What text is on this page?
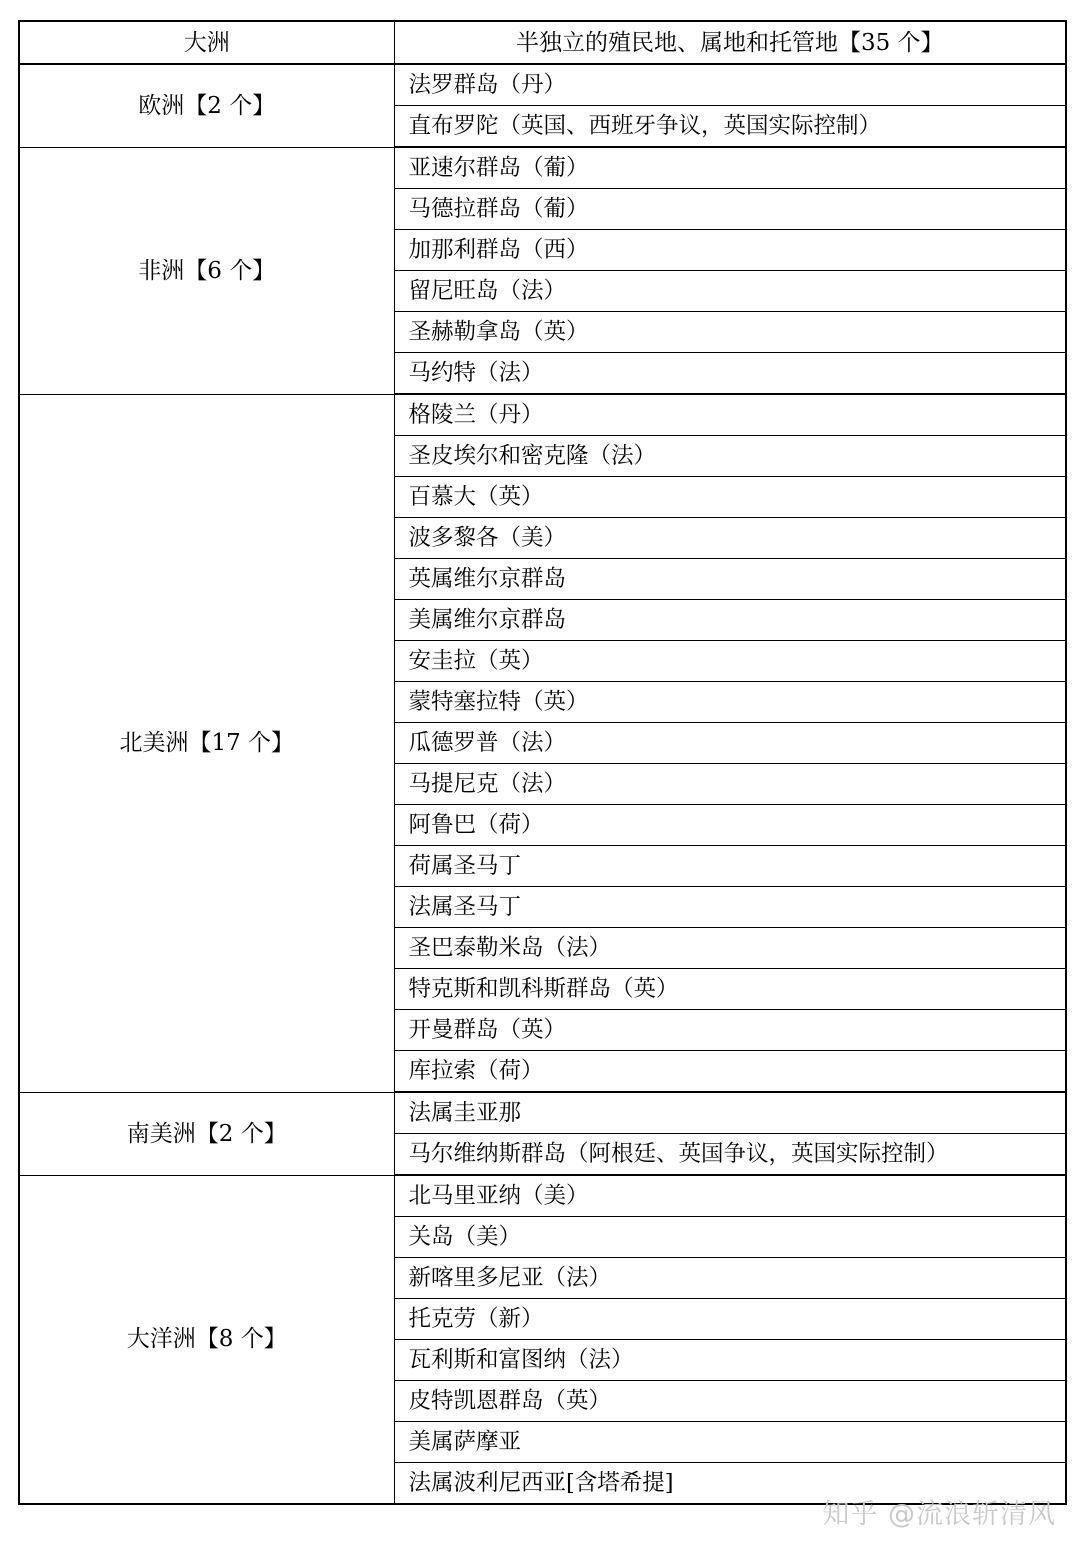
大洲	半独立的殖民地、属地和托管地【35 个】
欧洲【2 个】	法罗群岛（丹）
	直布罗陀（英国、西班牙争议，英国实际控制）
非洲【6 个】	亚速尔群岛（葡）
	马德拉群岛（葡）
	加那利群岛（西）
	留尼旺岛（法）
	圣赫勒拿岛（英）
	马约特（法）
北美洲【17 个】	格陵兰（丹）
	圣皮埃尔和密克隆（法）
	百慕大（英）
	波多黎各（美）
	英属维尔京群岛
	美属维尔京群岛
	安圭拉（英）
	蒙特塞拉特（英）
	瓜德罗普（法）
	马提尼克（法）
	阿鲁巴（荷）
	荷属圣马丁
	法属圣马丁
	圣巴泰勒米岛（法）
	特克斯和凯科斯群岛（英）
	开曼群岛（英）
	库拉索（荷）
南美洲【2 个】	法属圭亚那
	马尔维纳斯群岛（阿根廷、英国争议，英国实际控制）
大洋洲【8 个】	北马里亚纳（美）
	关岛（美）
	新喀里多尼亚（法）
	托克劳（新）
	瓦利斯和富图纳（法）
	皮特凯恩群岛（英）
	美属萨摩亚
	法属波利尼西亚[含塔希提]
知乎 @流浪斩清风
